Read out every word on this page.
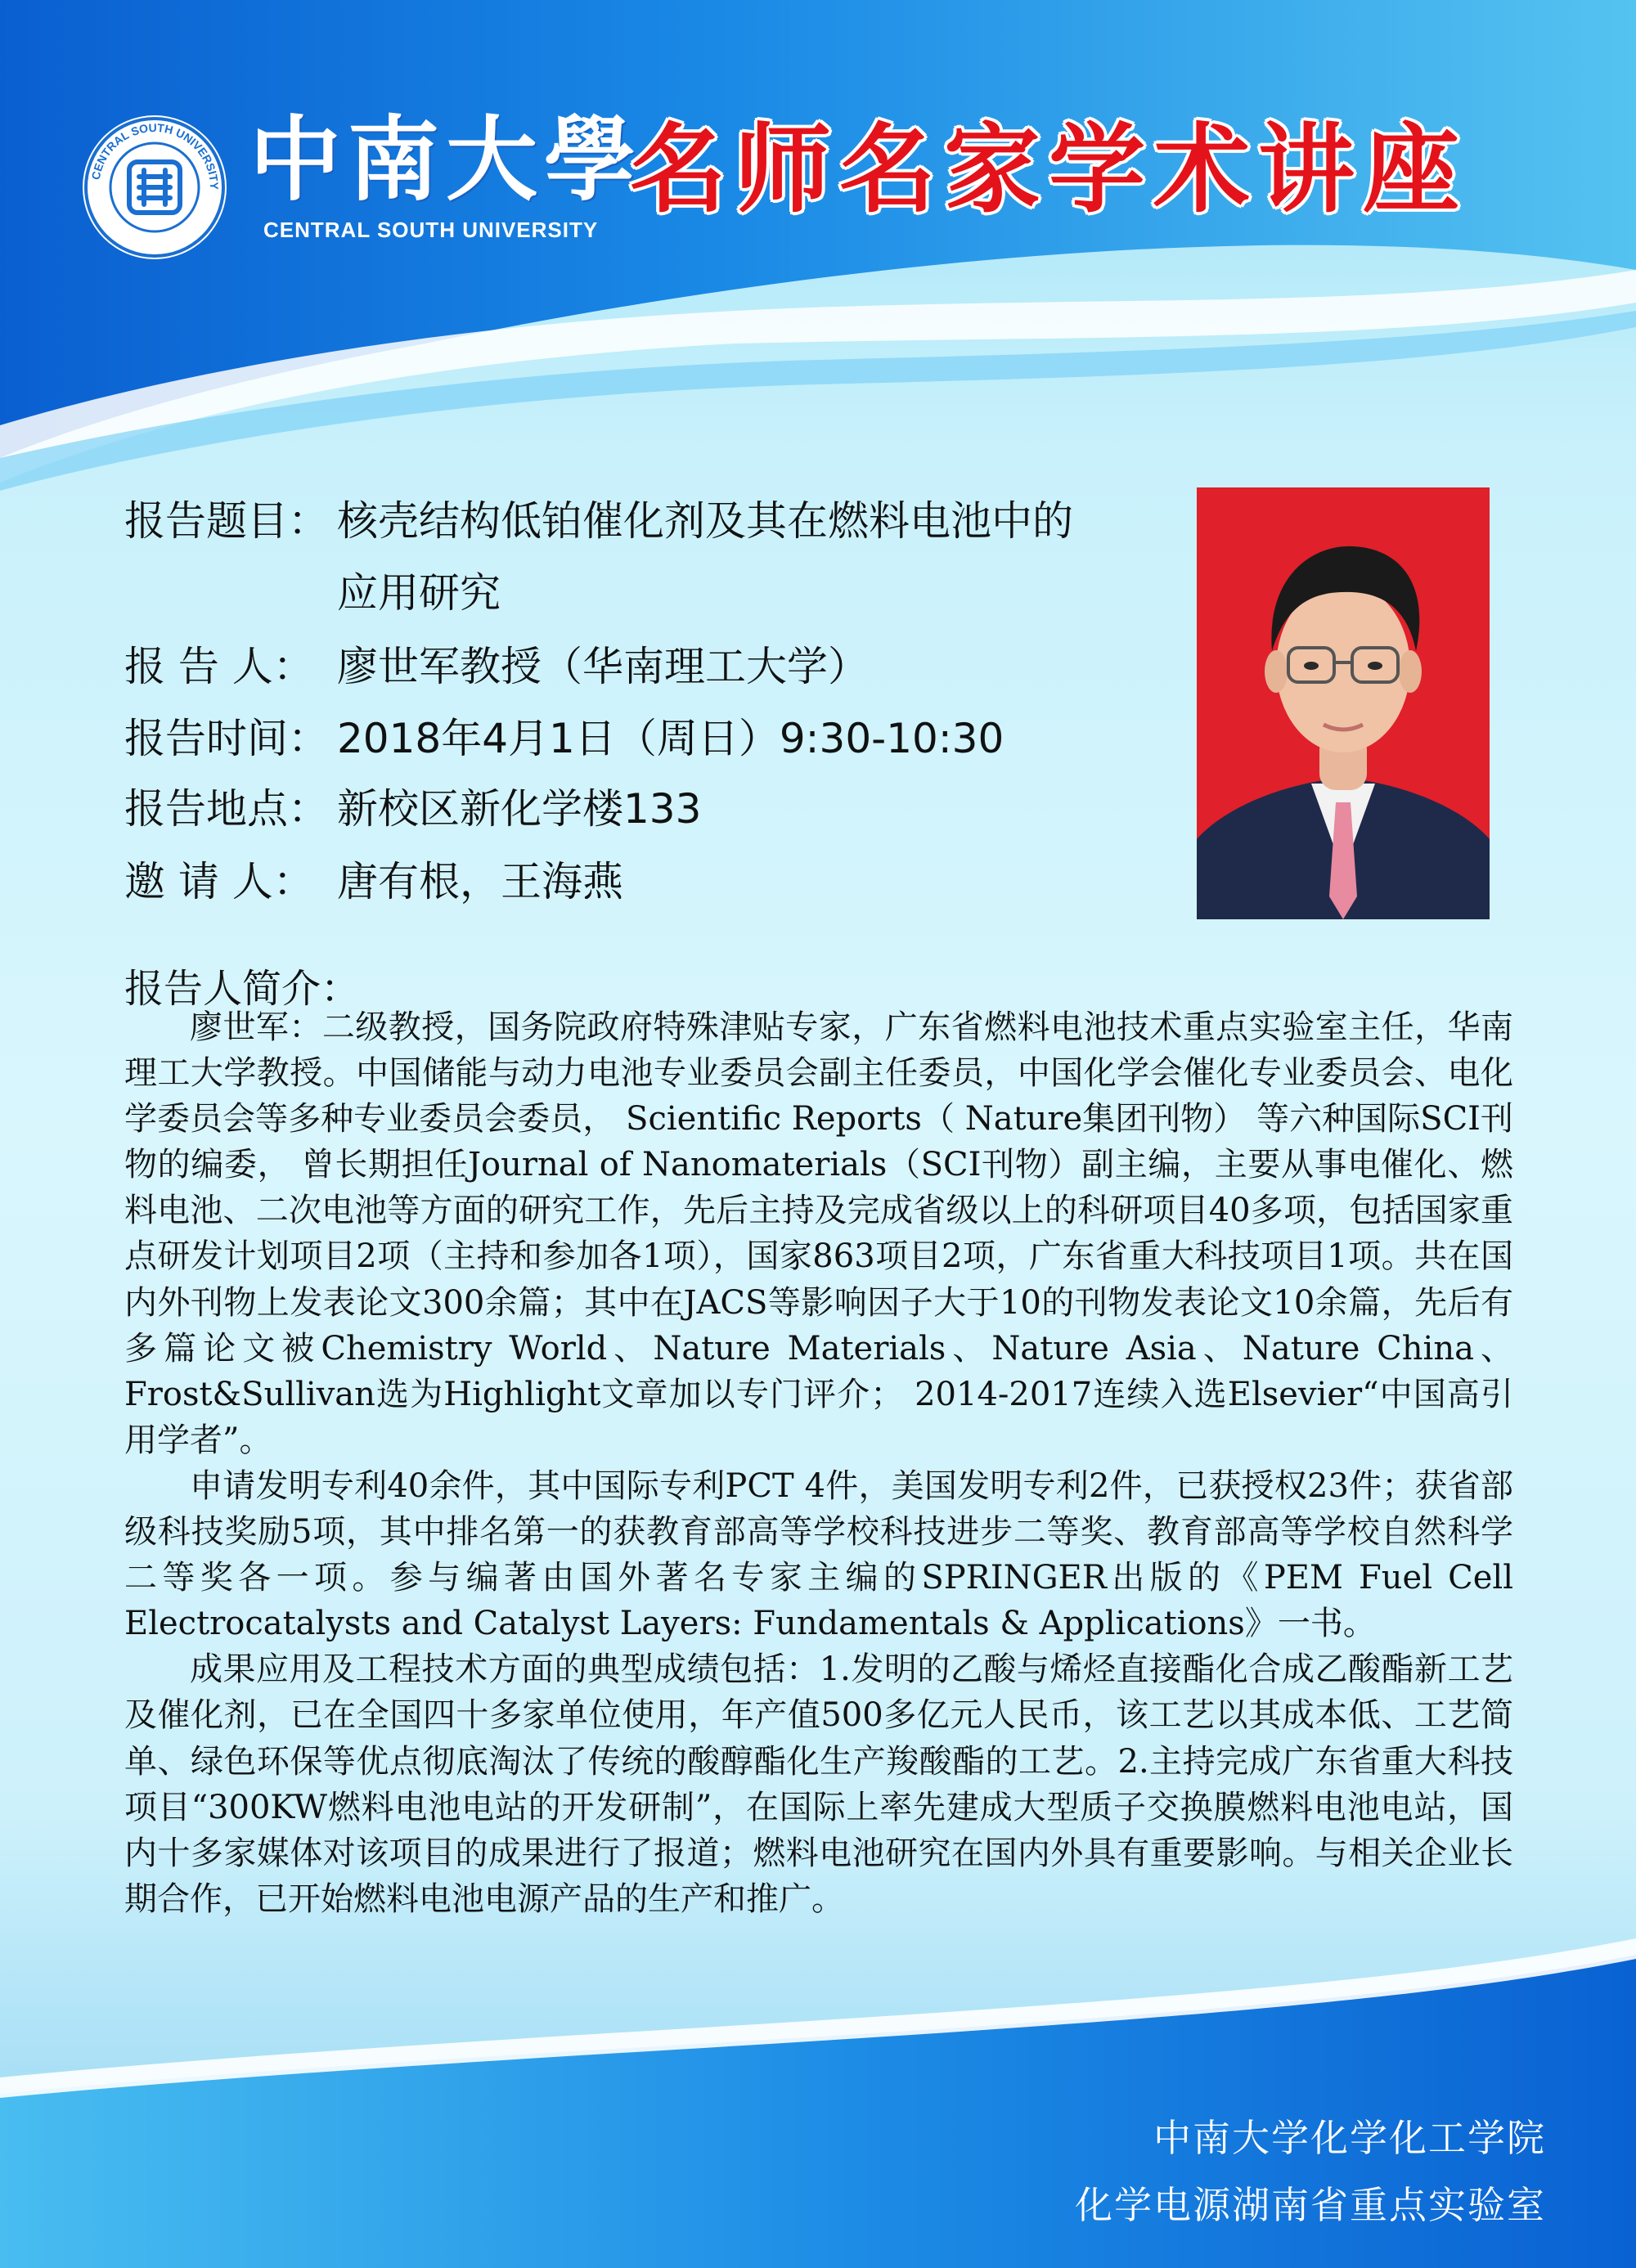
CENTRAL SOUTH UNIVERSITY 中南大學
CENTRAL SOUTH UNIVERSITY
名师名家学术讲座
报告题目： 核壳结构低铂催化剂及其在燃料电池中的
应用研究
报 告 人： 廖世军教授（华南理工大学）
报告时间： 2018年4月1日（周日）9:30-10:30
报告地点： 新校区新化学楼133
邀 请 人： 唐有根，王海燕
报告人简介：

廖世军：二级教授，国务院政府特殊津贴专家，广东省燃料电池技术重点实验室主任，华南理工大学教授。中国储能与动力电池专业委员会副主任委员，中国化学会催化专业委员会、电化学委员会等多种专业委员会委员， Scientific Reports（ Nature集团刊物） 等六种国际SCI刊物的编委， 曾长期担任Journal of Nanomaterials（SCI刊物）副主编，主要从事电催化、燃料电池、二次电池等方面的研究工作，先后主持及完成省级以上的科研项目40多项，包括国家重点研发计划项目2项（主持和参加各1项），国家863项目2项，广东省重大科技项目1项。共在国内外刊物上发表论文300余篇；其中在JACS等影响因子大于10的刊物发表论文10余篇，先后有多篇论文被Chemistry World、Nature Materials、Nature Asia、Nature China、Frost&Sullivan选为Highlight文章加以专门评介； 2014-2017连续入选Elsevier“中国高引用学者”。

申请发明专利40余件，其中国际专利PCT 4件，美国发明专利2件，已获授权23件；获省部级科技奖励5项，其中排名第一的获教育部高等学校科技进步二等奖、教育部高等学校自然科学二等奖各一项。参与编著由国外著名专家主编的SPRINGER出版的《PEM Fuel Cell Electrocatalysts and Catalyst Layers: Fundamentals & Applications》一书。

成果应用及工程技术方面的典型成绩包括：1.发明的乙酸与烯烃直接酯化合成乙酸酯新工艺及催化剂，已在全国四十多家单位使用，年产值500多亿元人民币，该工艺以其成本低、工艺简单、绿色环保等优点彻底淘汰了传统的酸醇酯化生产羧酸酯的工艺。2.主持完成广东省重大科技项目“300KW燃料电池电站的开发研制”，在国际上率先建成大型质子交换膜燃料电池电站，国内十多家媒体对该项目的成果进行了报道；燃料电池研究在国内外具有重要影响。与相关企业长期合作，已开始燃料电池电源产品的生产和推广。

中南大学化学化工学院
化学电源湖南省重点实验室
